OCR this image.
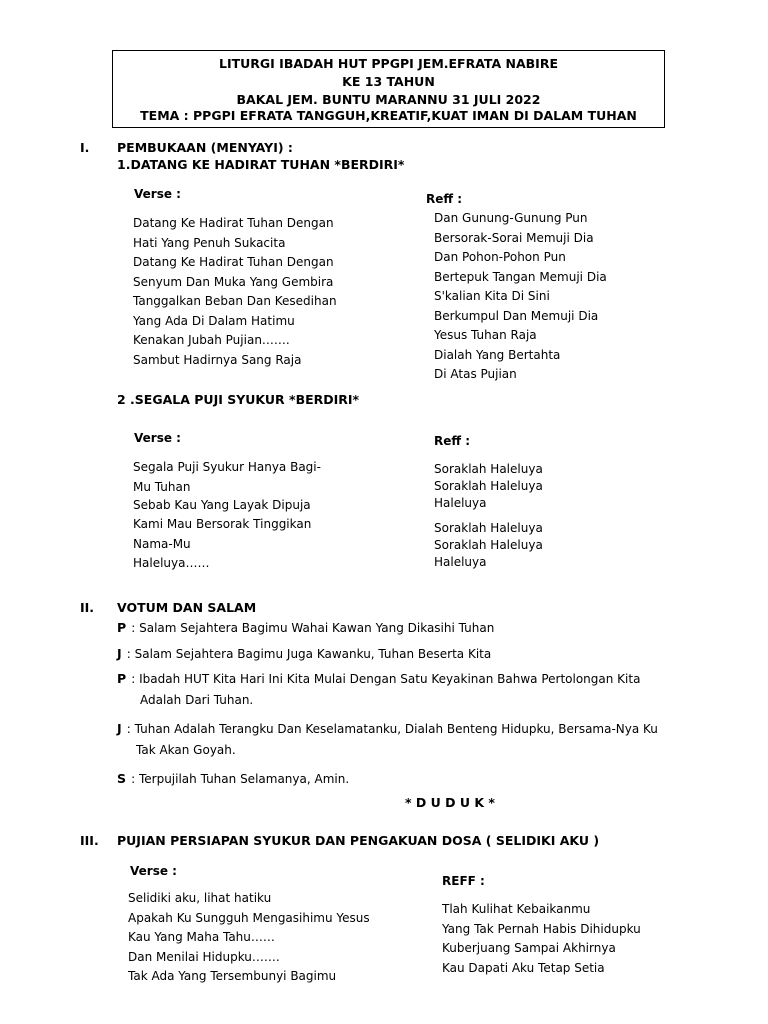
LITURGI IBADAH HUT PPGPI JEM.EFRATA NABIRE
KE 13 TAHUN
BAKAL JEM. BUNTU MARANNU 31 JULI 2022
TEMA : PPGPI EFRATA TANGGUH,KREATIF,KUAT IMAN DI DALAM TUHAN
I. PEMBUKAAN (MENYAYI) :
1.DATANG KE HADIRAT TUHAN *BERDIRI*
Verse :
Datang Ke Hadirat Tuhan Dengan
Hati Yang Penuh Sukacita
Datang Ke Hadirat Tuhan Dengan
Senyum Dan Muka Yang Gembira
Tanggalkan Beban Dan Kesedihan
Yang Ada Di Dalam Hatimu
Kenakan Jubah Pujian…….
Sambut Hadirnya Sang Raja
Reff :
Dan Gunung-Gunung Pun
Bersorak-Sorai Memuji Dia
Dan Pohon-Pohon Pun
Bertepuk Tangan Memuji Dia
S'kalian Kita Di Sini
Berkumpul Dan Memuji Dia
Yesus Tuhan Raja
Dialah Yang Bertahta
Di Atas Pujian
2 .SEGALA PUJI SYUKUR *BERDIRI*
Verse :
Segala Puji Syukur Hanya Bagi-
Mu Tuhan
Sebab Kau Yang Layak Dipuja
Kami Mau Bersorak Tinggikan
Nama-Mu
Haleluya……
Reff :
Soraklah Haleluya
Soraklah Haleluya
Haleluya
Soraklah Haleluya
Soraklah Haleluya
Haleluya
II. VOTUM DAN SALAM
P : Salam Sejahtera Bagimu Wahai Kawan Yang Dikasihi Tuhan
J : Salam Sejahtera Bagimu Juga Kawanku, Tuhan Beserta Kita
P : Ibadah HUT Kita Hari Ini Kita Mulai Dengan Satu Keyakinan Bahwa Pertolongan Kita
Adalah Dari Tuhan.
J : Tuhan Adalah Terangku Dan Keselamatanku, Dialah Benteng Hidupku, Bersama-Nya Ku
Tak Akan Goyah.
S : Terpujilah Tuhan Selamanya, Amin.
* D U D U K *
III. PUJIAN PERSIAPAN SYUKUR DAN PENGAKUAN DOSA ( SELIDIKI AKU )
Verse :
Selidiki aku, lihat hatiku
Apakah Ku Sungguh Mengasihimu Yesus
Kau Yang Maha Tahu……
Dan Menilai Hidupku…….
Tak Ada Yang Tersembunyi Bagimu
REFF :
Tlah Kulihat Kebaikanmu
Yang Tak Pernah Habis Dihidupku
Kuberjuang Sampai Akhirnya
Kau Dapati Aku Tetap Setia
